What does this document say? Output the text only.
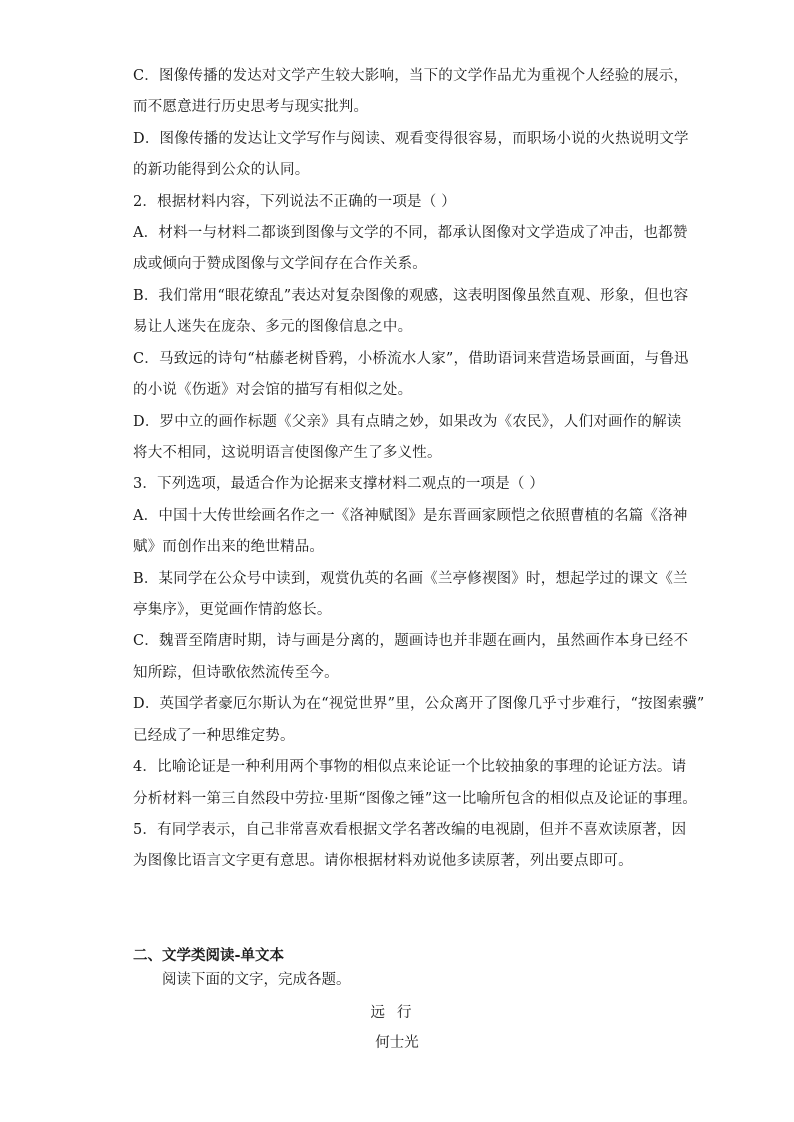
C．图像传播的发达对文学产生较大影响，当下的文学作品尤为重视个人经验的展示，
而不愿意进行历史思考与现实批判。
D．图像传播的发达让文学写作与阅读、观看变得很容易，而职场小说的火热说明文学
的新功能得到公众的认同。
2．根据材料内容，下列说法不正确的一项是（ ）
A．材料一与材料二都谈到图像与文学的不同，都承认图像对文学造成了冲击，也都赞
成或倾向于赞成图像与文学间存在合作关系。
B．我们常用“眼花缭乱”表达对复杂图像的观感，这表明图像虽然直观、形象，但也容
易让人迷失在庞杂、多元的图像信息之中。
C．马致远的诗句“枯藤老树昏鸦，小桥流水人家”，借助语词来营造场景画面，与鲁迅
的小说《伤逝》对会馆的描写有相似之处。
D．罗中立的画作标题《父亲》具有点睛之妙，如果改为《农民》，人们对画作的解读
将大不相同，这说明语言使图像产生了多义性。
3．下列选项，最适合作为论据来支撑材料二观点的一项是（ ）
A．中国十大传世绘画名作之一《洛神赋图》是东晋画家顾恺之依照曹植的名篇《洛神
赋》而创作出来的绝世精品。
B．某同学在公众号中读到，观赏仇英的名画《兰亭修禊图》时，想起学过的课文《兰
亭集序》，更觉画作情韵悠长。
C．魏晋至隋唐时期，诗与画是分离的，题画诗也并非题在画内，虽然画作本身已经不
知所踪，但诗歌依然流传至今。
D．英国学者豪厄尔斯认为在“视觉世界”里，公众离开了图像几乎寸步难行，“按图索骥”
已经成了一种思维定势。
4．比喻论证是一种利用两个事物的相似点来论证一个比较抽象的事理的论证方法。请
分析材料一第三自然段中劳拉·里斯“图像之锤”这一比喻所包含的相似点及论证的事理。
5．有同学表示，自己非常喜欢看根据文学名著改编的电视剧，但并不喜欢读原著，因
为图像比语言文字更有意思。请你根据材料劝说他多读原著，列出要点即可。
二、文学类阅读-单文本
阅读下面的文字，完成各题。
远行
何士光
